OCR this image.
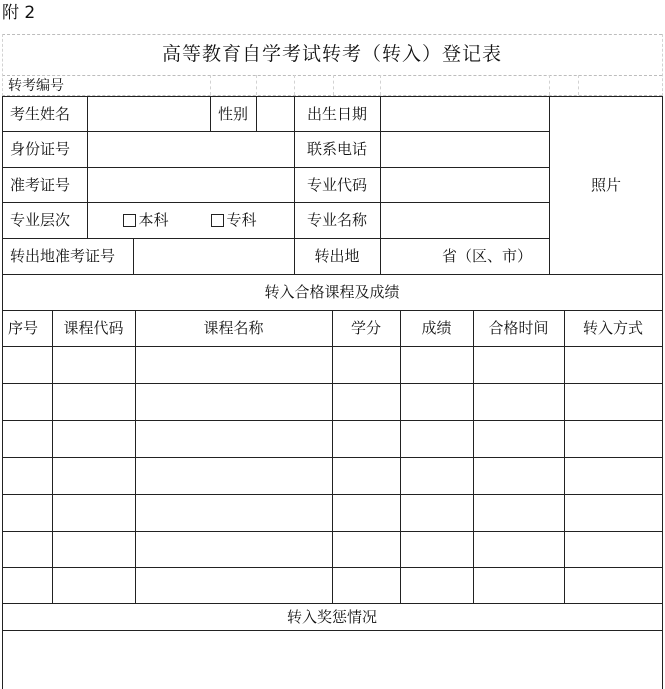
附 2
高等教育自学考试转考（转入）登记表
转考编号
考生姓名	性别	出生日期
身份证号	联系电话
准考证号	专业代码
专业层次	本科	专科	专业名称
转出地准考证号	转出地	省（区、市）
照片
转入合格课程及成绩
序号	课程代码	课程名称	学分	成绩	合格时间	转入方式
转入奖惩情况
